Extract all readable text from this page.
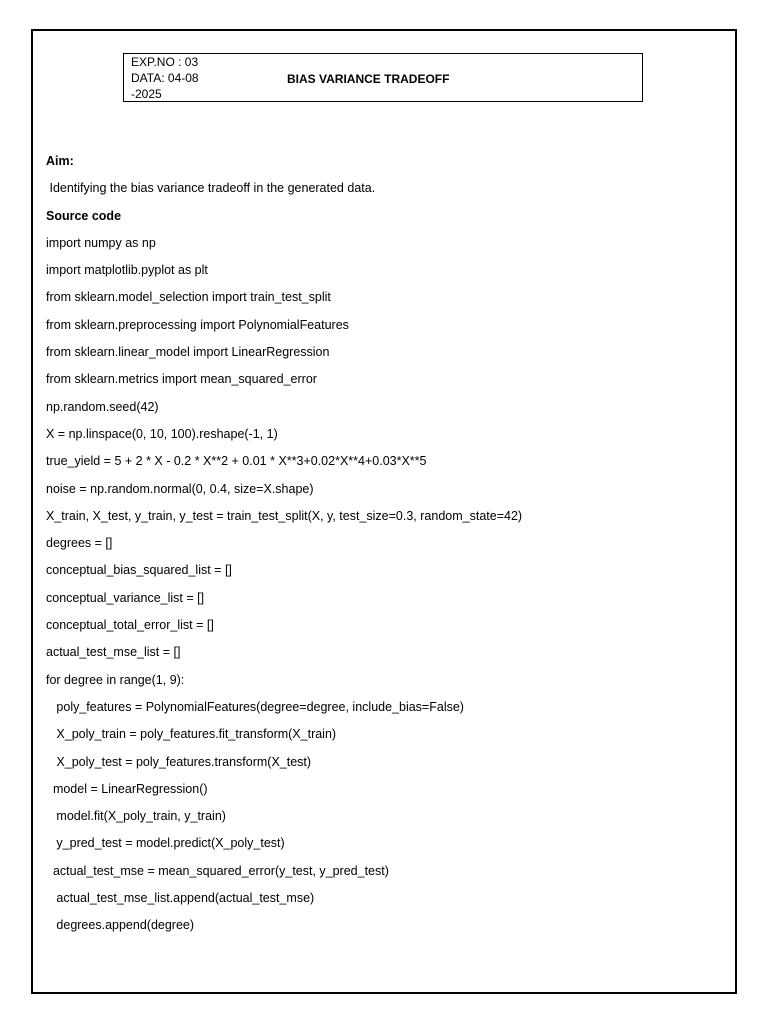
EXP.NO : 03
DATA: 04-08
-2025
BIAS VARIANCE TRADEOFF
Aim:
Identifying the bias variance tradeoff in the generated data.
Source code
import numpy as np
import matplotlib.pyplot as plt
from sklearn.model_selection import train_test_split
from sklearn.preprocessing import PolynomialFeatures
from sklearn.linear_model import LinearRegression
from sklearn.metrics import mean_squared_error
np.random.seed(42)
X = np.linspace(0, 10, 100).reshape(-1, 1)
true_yield = 5 + 2 * X - 0.2 * X**2 + 0.01 * X**3+0.02*X**4+0.03*X**5
noise = np.random.normal(0, 0.4, size=X.shape)
X_train, X_test, y_train, y_test = train_test_split(X, y, test_size=0.3, random_state=42)
degrees = []
conceptual_bias_squared_list = []
conceptual_variance_list = []
conceptual_total_error_list = []
actual_test_mse_list = []
for degree in range(1, 9):
poly_features = PolynomialFeatures(degree=degree, include_bias=False)
X_poly_train = poly_features.fit_transform(X_train)
X_poly_test = poly_features.transform(X_test)
model = LinearRegression()
model.fit(X_poly_train, y_train)
y_pred_test = model.predict(X_poly_test)
actual_test_mse = mean_squared_error(y_test, y_pred_test)
actual_test_mse_list.append(actual_test_mse)
degrees.append(degree)
